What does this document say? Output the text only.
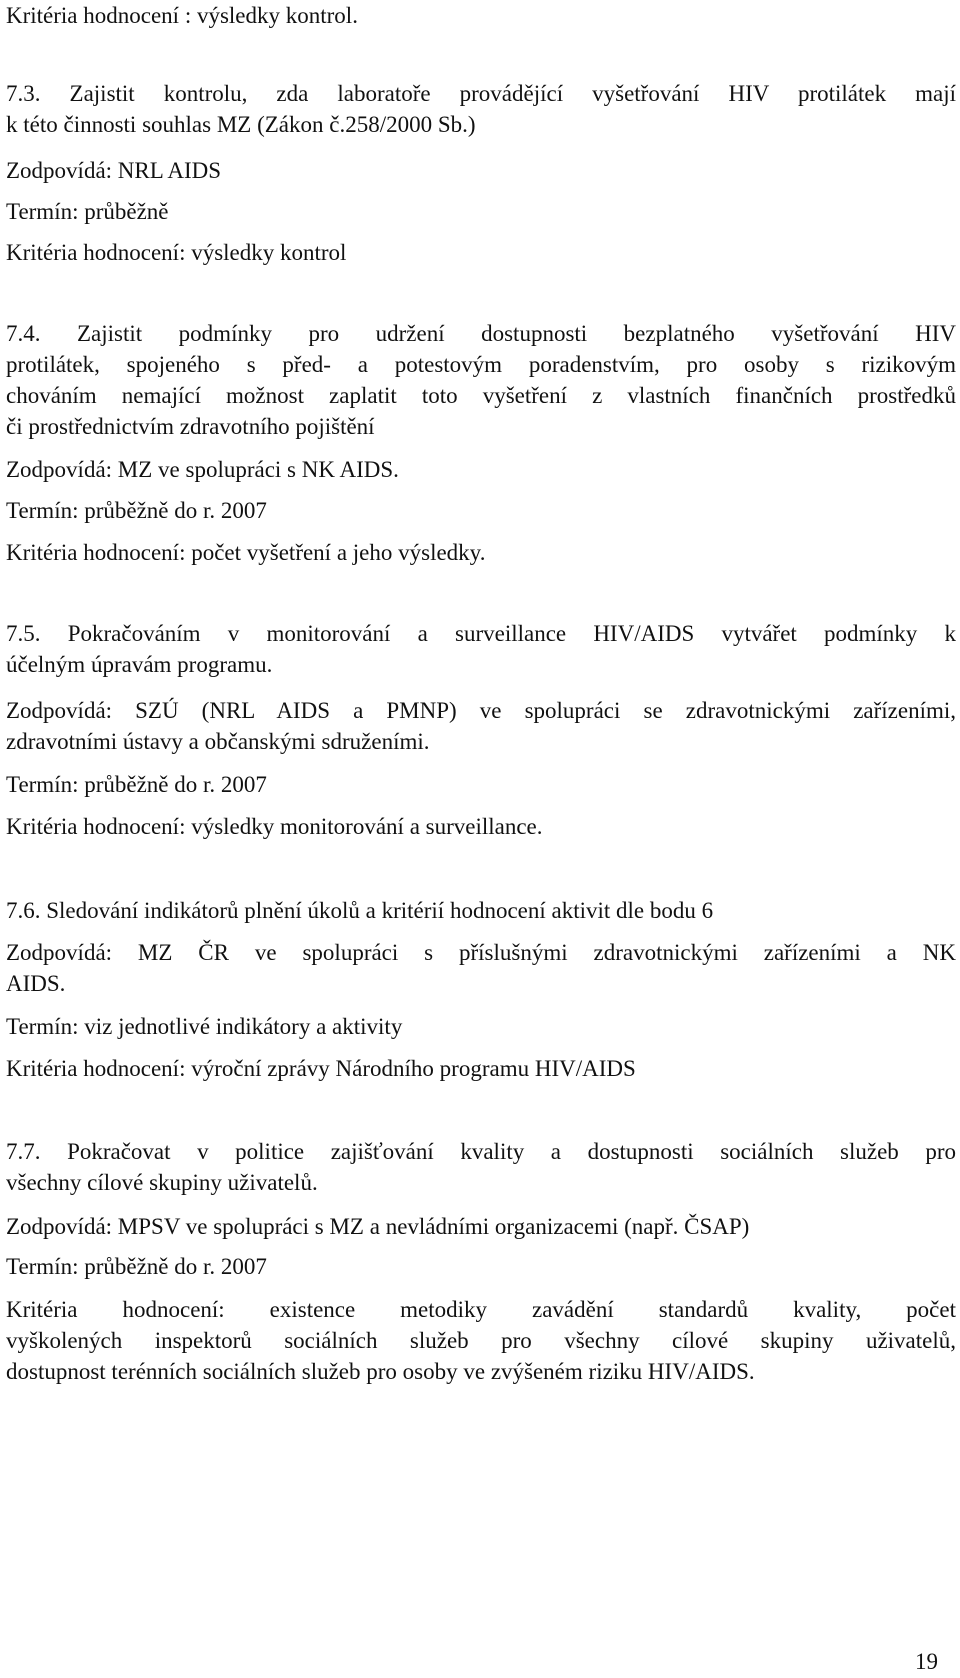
Kritéria hodnocení : výsledky kontrol.

7.3. Zajistit kontrolu, zda laboratoře provádějící vyšetřování HIV protilátek mají
k této činnosti souhlas MZ (Zákon č.258/2000 Sb.)

Zodpovídá: NRL AIDS

Termín: průběžně

Kritéria hodnocení: výsledky kontrol

7.4. Zajistit podmínky pro udržení dostupnosti bezplatného vyšetřování HIV
protilátek, spojeného s před- a potestovým poradenstvím, pro osoby s rizikovým
chováním nemající možnost zaplatit toto vyšetření z vlastních finančních prostředků
či prostřednictvím zdravotního pojištění

Zodpovídá: MZ ve spolupráci s NK AIDS.

Termín: průběžně do r. 2007

Kritéria hodnocení: počet vyšetření a jeho výsledky.

7.5. Pokračováním v monitorování a surveillance HIV/AIDS vytvářet podmínky k
účelným úpravám programu.
Zodpovídá: SZÚ (NRL AIDS a PMNP) ve spolupráci se zdravotnickými zařízeními,
zdravotními ústavy a občanskými sdruženími.

Termín: průběžně do r. 2007

Kritéria hodnocení: výsledky monitorování a surveillance.

7.6. Sledování indikátorů plnění úkolů a kritérií hodnocení aktivit dle bodu 6

Zodpovídá: MZ ČR ve spolupráci s příslušnými zdravotnickými zařízeními a NK
AIDS.

Termín: viz jednotlivé indikátory a aktivity

Kritéria hodnocení: výroční zprávy Národního programu HIV/AIDS

7.7. Pokračovat v politice zajišťování kvality a dostupnosti sociálních služeb pro
všechny cílové skupiny uživatelů.

Zodpovídá: MPSV ve spolupráci s MZ a nevládními organizacemi (např. ČSAP)

Termín: průběžně do r. 2007

Kritéria hodnocení: existence metodiky zavádění standardů kvality, počet
vyškolených inspektorů sociálních služeb pro všechny cílové skupiny uživatelů,
dostupnost terénních sociálních služeb pro osoby ve zvýšeném riziku HIV/AIDS.
19
